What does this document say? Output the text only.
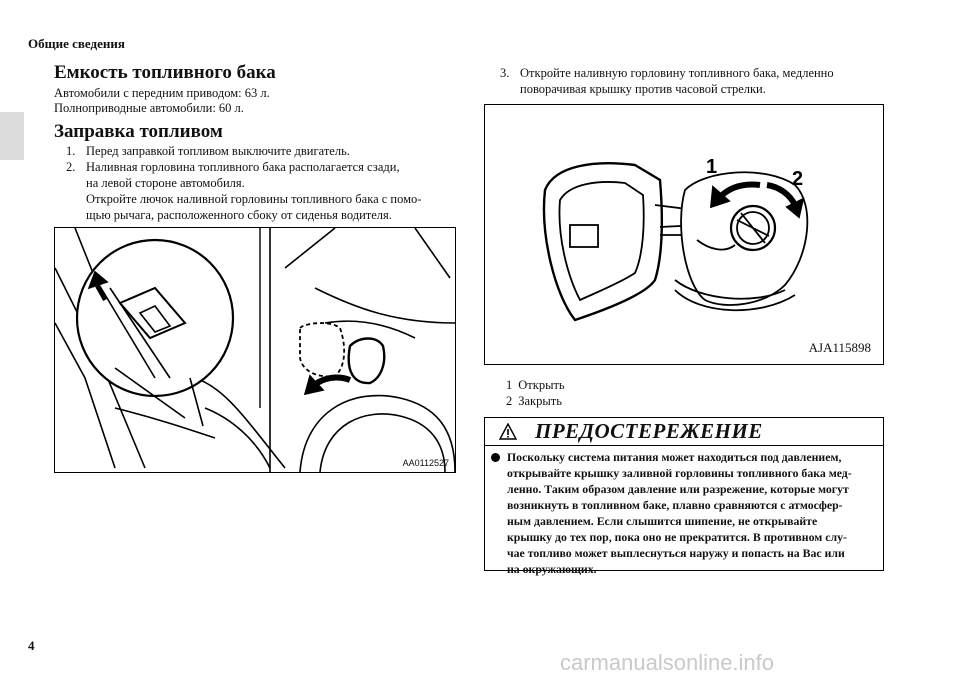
Общие сведения
Емкость топливного бака
Автомобили с передним приводом: 63 л.
Полноприводные автомобили: 60 л.
Заправка топливом
1. Перед заправкой топливом выключите двигатель.
2. Наливная горловина топливного бака располагается сзади,
на левой стороне автомобиля.
Откройте лючок наливной горловины топливного бака с помо-
щью рычага, расположенного сбоку от сиденья водителя.
AA0112527
3. Откройте наливную горловину топливного бака, медленно
поворачивая крышку против часовой стрелки.
1
2
AJA115898
1 Открыть
2 Закрыть
ПРЕДОСТЕРЕЖЕНИЕ
Поскольку система питания может находиться под давлением,
открывайте крышку заливной горловины топливного бака мед-
ленно. Таким образом давление или разрежение, которые могут
возникнуть в топливном баке, плавно сравняются с атмосфер-
ным давлением. Если слышится шипение, не открывайте
крышку до тех пор, пока оно не прекратится. В противном слу-
чае топливо может выплеснуться наружу и попасть на Вас или
на окружающих.
4
carmanualsonline.info
